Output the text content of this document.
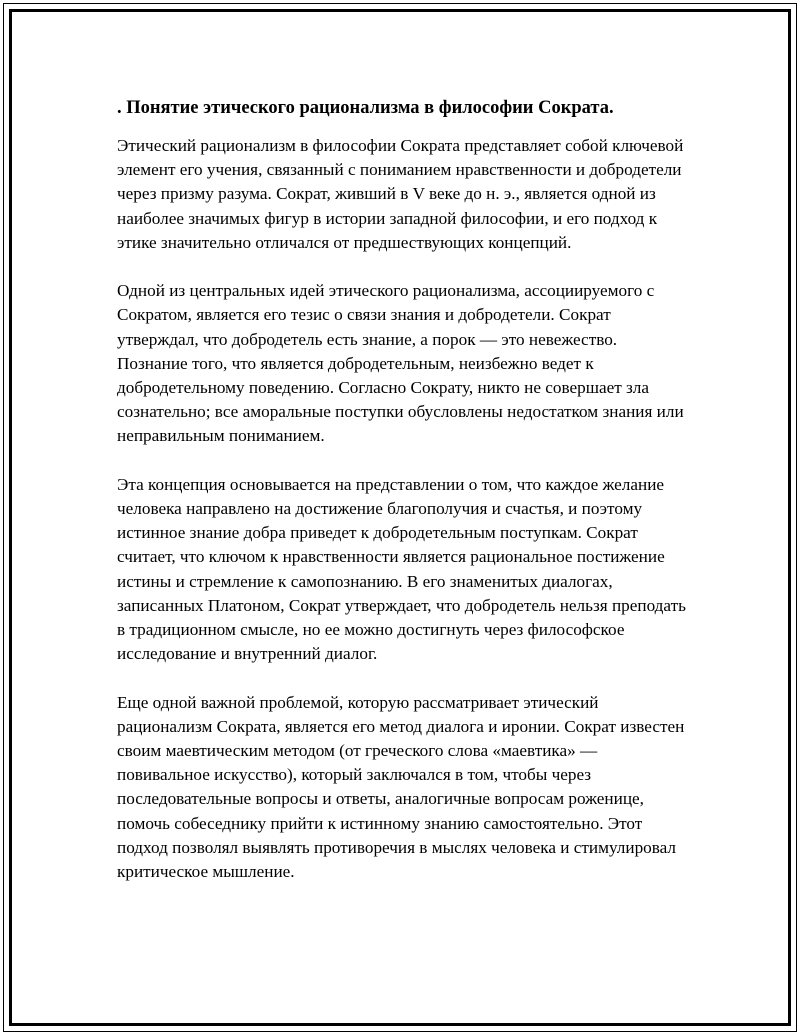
. Понятие этического рационализма в философии Сократа.

Этический рационализм в философии Сократа представляет собой ключевой элемент его учения, связанный с пониманием нравственности и добродетели через призму разума. Сократ, живший в V веке до н. э., является одной из наиболее значимых фигур в истории западной философии, и его подход к этике значительно отличался от предшествующих концепций.

Одной из центральных идей этического рационализма, ассоциируемого с Сократом, является его тезис о связи знания и добродетели. Сократ утверждал, что добродетель есть знание, а порок — это невежество. Познание того, что является добродетельным, неизбежно ведет к добродетельному поведению. Согласно Сократу, никто не совершает зла сознательно; все аморальные поступки обусловлены недостатком знания или неправильным пониманием.

Эта концепция основывается на представлении о том, что каждое желание человека направлено на достижение благополучия и счастья, и поэтому истинное знание добра приведет к добродетельным поступкам. Сократ считает, что ключом к нравственности является рациональное постижение истины и стремление к самопознанию. В его знаменитых диалогах, записанных Платоном, Сократ утверждает, что добродетель нельзя преподать в традиционном смысле, но ее можно достигнуть через философское исследование и внутренний диалог.

Еще одной важной проблемой, которую рассматривает этический рационализм Сократа, является его метод диалога и иронии. Сократ известен своим маевтическим методом (от греческого слова «маевтика» — повивальное искусство), который заключался в том, чтобы через последовательные вопросы и ответы, аналогичные вопросам роженице, помочь собеседнику прийти к истинному знанию самостоятельно. Этот подход позволял выявлять противоречия в мыслях человека и стимулировал критическое мышление.
